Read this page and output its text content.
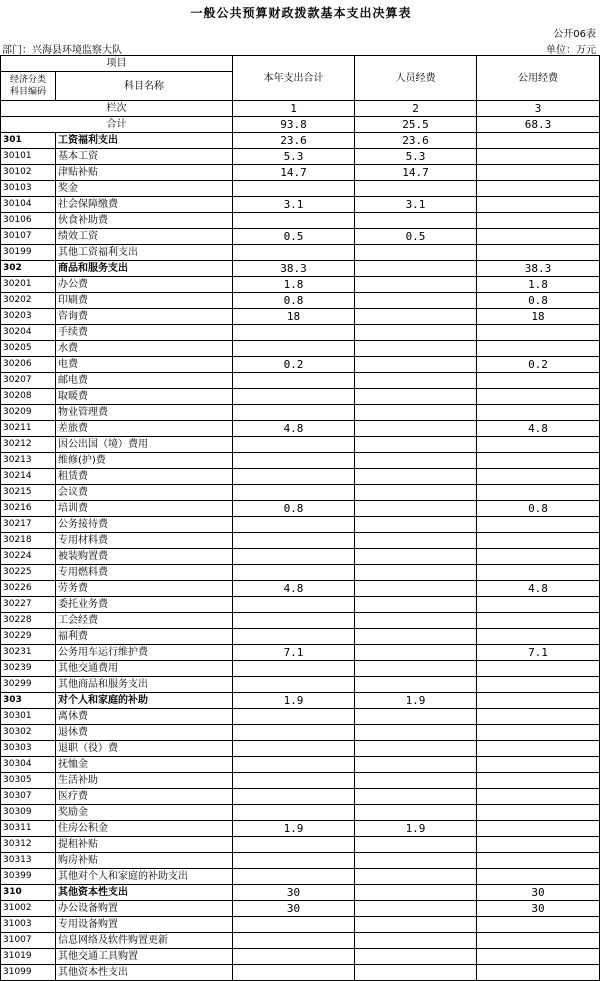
一般公共预算财政拨款基本支出决算表
公开06表
部门：兴海县环境监察大队	单位：万元
项目		本年支出合计	人员经费	公用经费
经济分类
科目编码	科目名称			
栏次		1	2	3
合计		93.8	25.5	68.3
301	工资福利支出	23.6	23.6	
30101	基本工资	5.3	5.3	
30102	津贴补贴	14.7	14.7	
30103	奖金			
30104	社会保障缴费	3.1	3.1	
30106	伙食补助费			
30107	绩效工资	0.5	0.5	
30199	其他工资福利支出			
302	商品和服务支出	38.3		38.3
30201	办公费	1.8		1.8
30202	印刷费	0.8		0.8
30203	咨询费	18		18
30204	手续费			
30205	水费			
30206	电费	0.2		0.2
30207	邮电费			
30208	取暖费			
30209	物业管理费			
30211	差旅费	4.8		4.8
30212	因公出国（境）费用			
30213	维修(护)费			
30214	租赁费			
30215	会议费			
30216	培训费	0.8		0.8
30217	公务接待费			
30218	专用材料费			
30224	被装购置费			
30225	专用燃料费			
30226	劳务费	4.8		4.8
30227	委托业务费			
30228	工会经费			
30229	福利费			
30231	公务用车运行维护费	7.1		7.1
30239	其他交通费用			
30299	其他商品和服务支出			
303	对个人和家庭的补助	1.9	1.9	
30301	离休费			
30302	退休费			
30303	退职（役）费			
30304	抚恤金			
30305	生活补助			
30307	医疗费			
30309	奖励金			
30311	住房公积金	1.9	1.9	
30312	提租补贴			
30313	购房补贴			
30399	其他对个人和家庭的补助支出			
310	其他资本性支出	30		30
31002	办公设备购置	30		30
31003	专用设备购置			
31007	信息网络及软件购置更新			
31019	其他交通工具购置			
31099	其他资本性支出			
